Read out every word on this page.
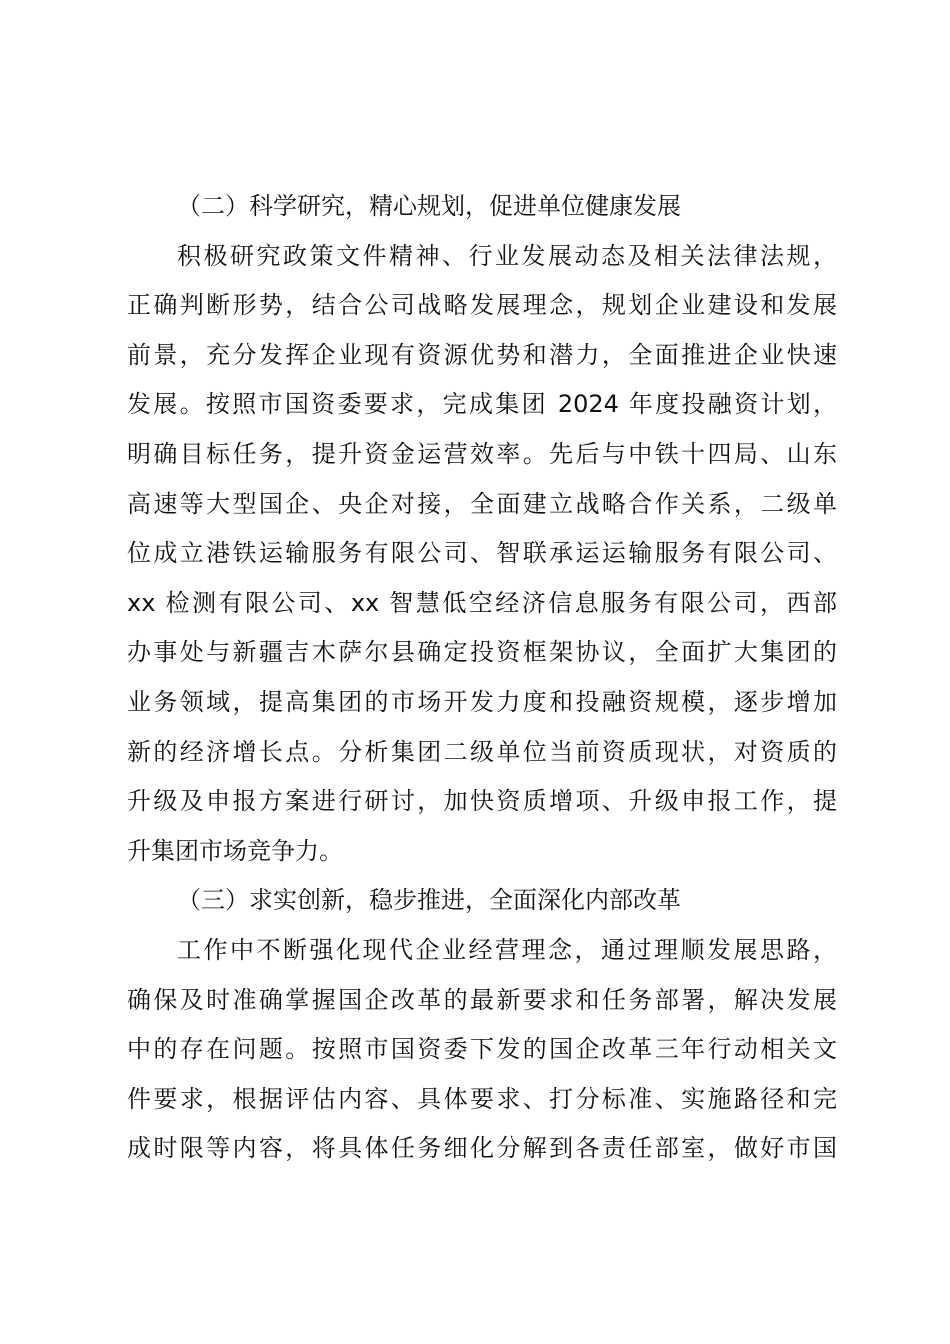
（二）科学研究，精心规划，促进单位健康发展
积极研究政策文件精神、行业发展动态及相关法律法规，
正确判断形势，结合公司战略发展理念，规划企业建设和发展
前景，充分发挥企业现有资源优势和潜力，全面推进企业快速
发展。按照市国资委要求，完成集团 2024 年度投融资计划，
明确目标任务，提升资金运营效率。先后与中铁十四局、山东
高速等大型国企、央企对接，全面建立战略合作关系，二级单
位成立港铁运输服务有限公司、智联承运运输服务有限公司、
xx 检测有限公司、xx 智慧低空经济信息服务有限公司，西部
办事处与新疆吉木萨尔县确定投资框架协议，全面扩大集团的
业务领域，提高集团的市场开发力度和投融资规模，逐步增加
新的经济增长点。分析集团二级单位当前资质现状，对资质的
升级及申报方案进行研讨，加快资质增项、升级申报工作，提
升集团市场竞争力。
（三）求实创新，稳步推进，全面深化内部改革
工作中不断强化现代企业经营理念，通过理顺发展思路，
确保及时准确掌握国企改革的最新要求和任务部署，解决发展
中的存在问题。按照市国资委下发的国企改革三年行动相关文
件要求，根据评估内容、具体要求、打分标准、实施路径和完
成时限等内容，将具体任务细化分解到各责任部室，做好市国
